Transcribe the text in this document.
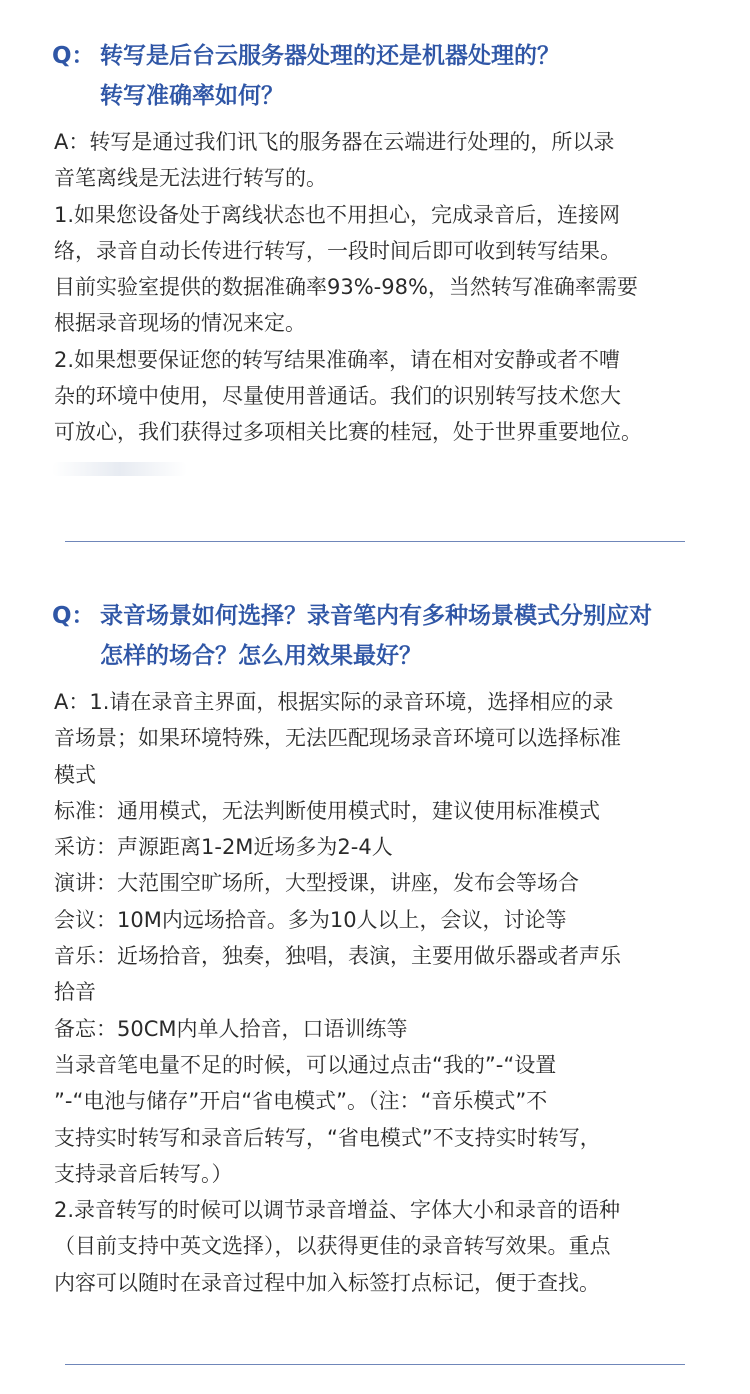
Q： 转写是后台云服务器处理的还是机器处理的？
转写准确率如何？
A：转写是通过我们讯飞的服务器在云端进行处理的，所以录
音笔离线是无法进行转写的。
1.如果您设备处于离线状态也不用担心，完成录音后，连接网
络，录音自动长传进行转写，一段时间后即可收到转写结果。
目前实验室提供的数据准确率93%-98%，当然转写准确率需要
根据录音现场的情况来定。
2.如果想要保证您的转写结果准确率，请在相对安静或者不嘈
杂的环境中使用，尽量使用普通话。我们的识别转写技术您大
可放心，我们获得过多项相关比赛的桂冠，处于世界重要地位。
Q： 录音场景如何选择？录音笔内有多种场景模式分别应对
怎样的场合？怎么用效果最好？
A：1.请在录音主界面，根据实际的录音环境，选择相应的录
音场景；如果环境特殊，无法匹配现场录音环境可以选择标准
模式
标准：通用模式，无法判断使用模式时，建议使用标准模式
采访：声源距离1-2M近场多为2-4人
演讲：大范围空旷场所，大型授课，讲座，发布会等场合
会议：10M内远场拾音。多为10人以上，会议，讨论等
音乐：近场拾音，独奏，独唱，表演，主要用做乐器或者声乐
拾音
备忘：50CM内单人拾音，口语训练等
当录音笔电量不足的时候，可以通过点击“我的”-“设置
”-“电池与储存”开启“省电模式”。（注：“音乐模式”不
支持实时转写和录音后转写，“省电模式”不支持实时转写，
支持录音后转写。）
2.录音转写的时候可以调节录音增益、字体大小和录音的语种
（目前支持中英文选择），以获得更佳的录音转写效果。重点
内容可以随时在录音过程中加入标签打点标记，便于查找。
